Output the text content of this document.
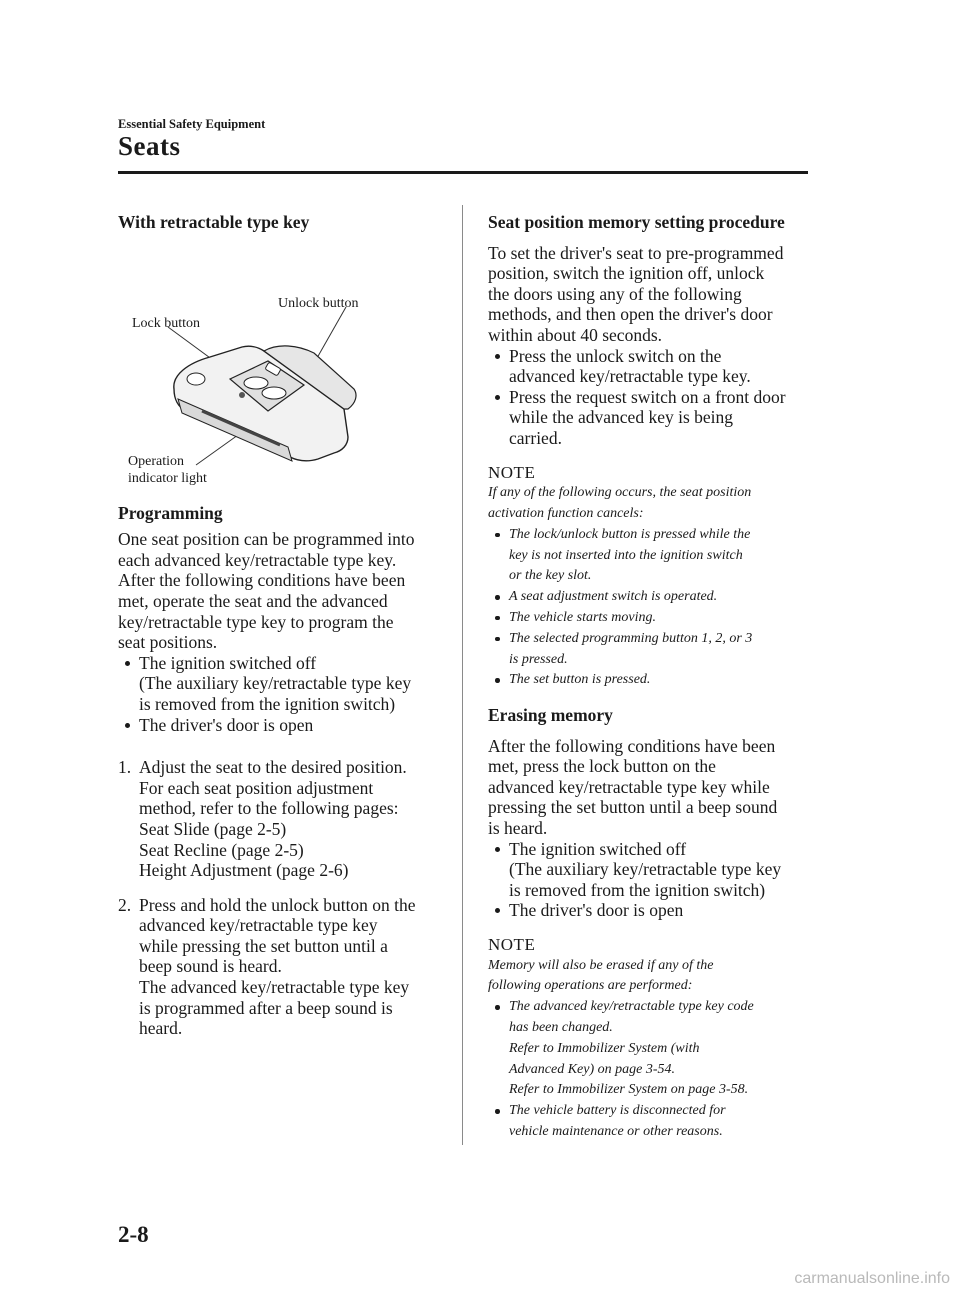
Essential Safety Equipment
Seats

With retractable type key

Unlock button
Lock button
Operation
indicator light

Programming

One seat position can be programmed into
each advanced key/retractable type key.
After the following conditions have been
met, operate the seat and the advanced
key/retractable type key to program the
seat positions.

The ignition switched off
(The auxiliary key/retractable type key
is removed from the ignition switch)
The driver's door is open
1. Adjust the seat to the desired position.
For each seat position adjustment
method, refer to the following pages:
Seat Slide (page 2-5)
Seat Recline (page 2-5)
Height Adjustment (page 2-6)
2. Press and hold the unlock button on the
advanced key/retractable type key
while pressing the set button until a
beep sound is heard.
The advanced key/retractable type key
is programmed after a beep sound is
heard.

Seat position memory setting procedure

To set the driver's seat to pre-programmed
position, switch the ignition off, unlock
the doors using any of the following
methods, and then open the driver's door
within about 40 seconds.

Press the unlock switch on the
advanced key/retractable type key.
Press the request switch on a front door
while the advanced key is being
carried.

NOTE

If any of the following occurs, the seat position
activation function cancels:
The lock/unlock button is pressed while the
key is not inserted into the ignition switch
or the key slot.
A seat adjustment switch is operated.
The vehicle starts moving.
The selected programming button 1, 2, or 3
is pressed.
The set button is pressed.

Erasing memory

After the following conditions have been
met, press the lock button on the
advanced key/retractable type key while
pressing the set button until a beep sound
is heard.

The ignition switched off
(The auxiliary key/retractable type key
is removed from the ignition switch)
The driver's door is open

NOTE

Memory will also be erased if any of the
following operations are performed:
The advanced key/retractable type key code
has been changed.
Refer to Immobilizer System (with
Advanced Key) on page 3-54.
Refer to Immobilizer System on page 3-58.
The vehicle battery is disconnected for
vehicle maintenance or other reasons.
2-8
carmanualsonline.info
